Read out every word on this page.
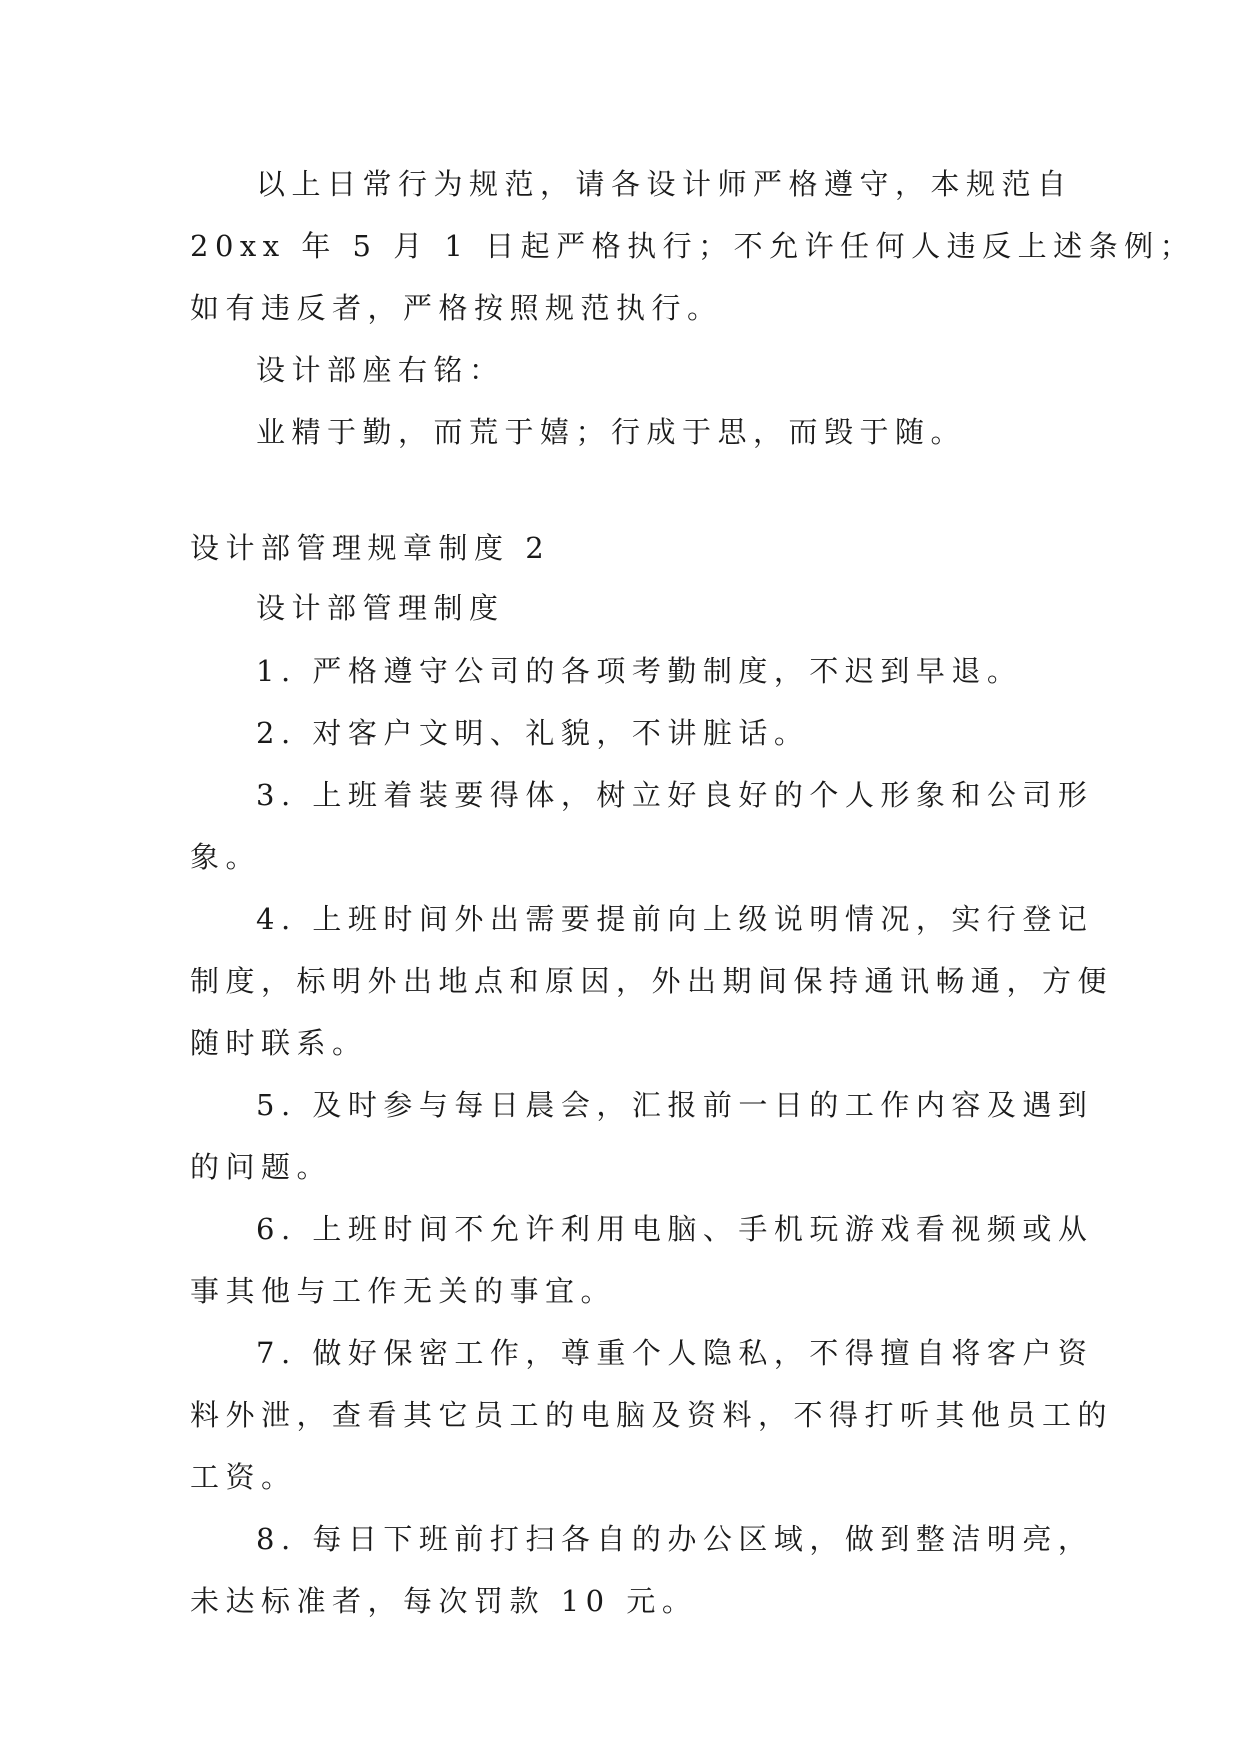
以上日常行为规范，请各设计师严格遵守，本规范自
20xx 年 5 月 1 日起严格执行；不允许任何人违反上述条例；
如有违反者，严格按照规范执行。
设计部座右铭：
业精于勤，而荒于嬉；行成于思，而毁于随。
设计部管理规章制度 2
设计部管理制度
1. 严格遵守公司的各项考勤制度，不迟到早退。
2. 对客户文明、礼貌，不讲脏话。
3. 上班着装要得体，树立好良好的个人形象和公司形
象。
4. 上班时间外出需要提前向上级说明情况，实行登记
制度，标明外出地点和原因，外出期间保持通讯畅通，方便
随时联系。
5. 及时参与每日晨会，汇报前一日的工作内容及遇到
的问题。
6. 上班时间不允许利用电脑、手机玩游戏看视频或从
事其他与工作无关的事宜。
7. 做好保密工作，尊重个人隐私，不得擅自将客户资
料外泄，查看其它员工的电脑及资料，不得打听其他员工的
工资。
8. 每日下班前打扫各自的办公区域，做到整洁明亮，
未达标准者，每次罚款 10 元。
